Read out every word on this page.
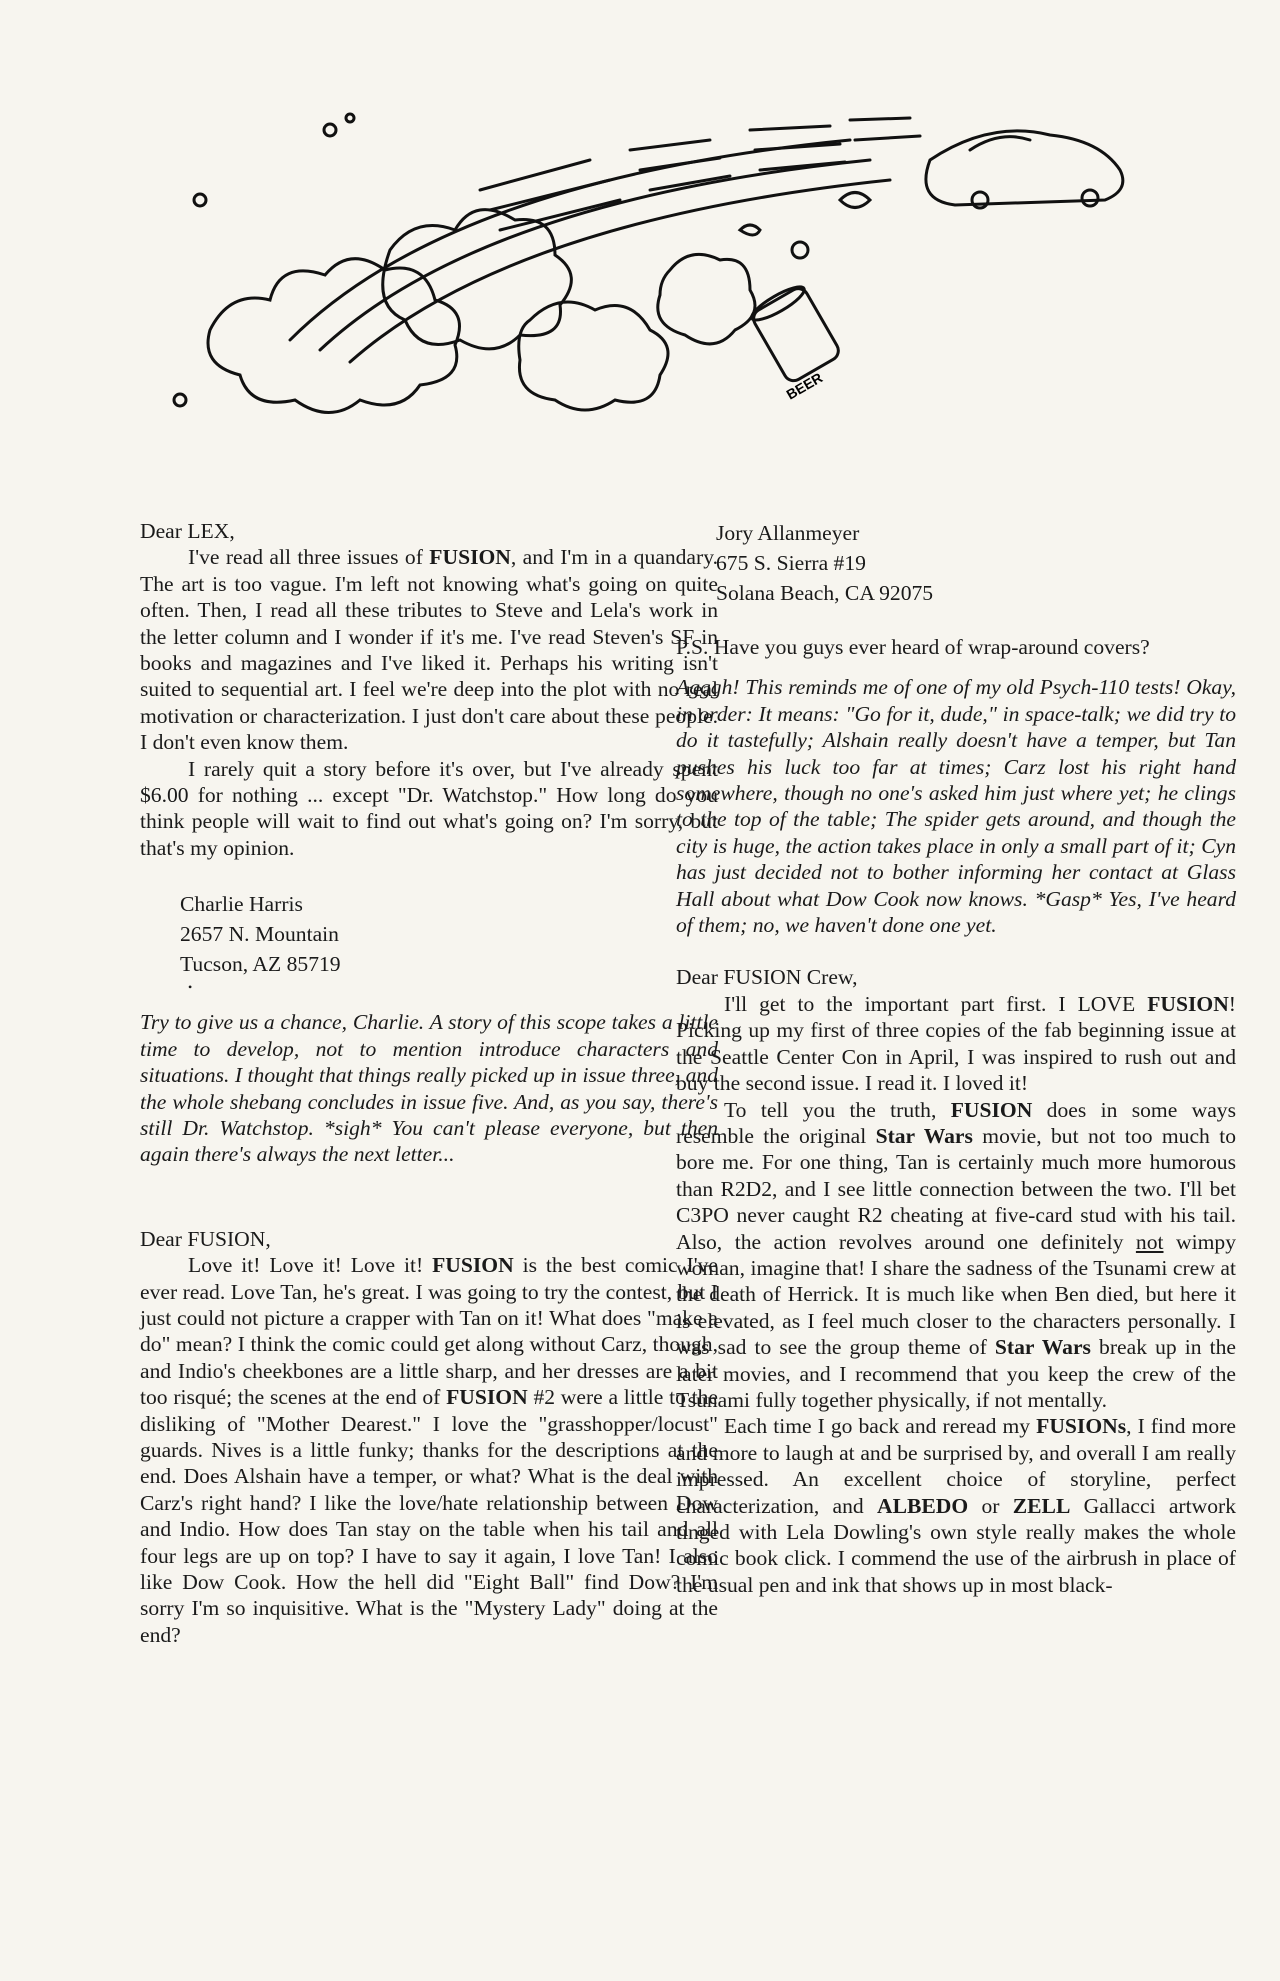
BEER
Hate Off

Dear LEX,

I've read all three issues of FUSION, and I'm in a quandary. The art is too vague. I'm left not knowing what's going on quite often. Then, I read all these tributes to Steve and Lela's work in the letter column and I wonder if it's me. I've read Steven's SF in books and magazines and I've liked it. Perhaps his writing isn't suited to sequential art. I feel we're deep into the plot with no real motivation or characterization. I just don't care about these people. I don't even know them.

I rarely quit a story before it's over, but I've already spent $6.00 for nothing ... except "Dr. Watchstop." How long do you think people will wait to find out what's going on? I'm sorry, but that's my opinion.

Charlie Harris
2657 N. Mountain
Tucson, AZ 85719
•

Try to give us a chance, Charlie. A story of this scope takes a little time to develop, not to mention introduce characters and situations. I thought that things really picked up in issue three, and the whole shebang concludes in issue five. And, as you say, there's still Dr. Watchstop. *sigh* You can't please everyone, but then again there's always the next letter...

Dear FUSION,

Love it! Love it! Love it! FUSION is the best comic I've ever read. Love Tan, he's great. I was going to try the contest, but I just could not picture a crapper with Tan on it! What does "make a do" mean? I think the comic could get along without Carz, though, and Indio's cheekbones are a little sharp, and her dresses are a bit too risqué; the scenes at the end of FUSION #2 were a little to the disliking of "Mother Dearest." I love the "grasshopper/locust" guards. Nives is a little funky; thanks for the descriptions at the end. Does Alshain have a temper, or what? What is the deal with Carz's right hand? I like the love/hate relationship between Dow and Indio. How does Tan stay on the table when his tail and all four legs are up on top? I have to say it again, I love Tan! I also like Dow Cook. How the hell did "Eight Ball" find Dow? I'm sorry I'm so inquisitive. What is the "Mystery Lady" doing at the end?

Jory Allanmeyer
675 S. Sierra #19
Solana Beach, CA 92075

P.S. Have you guys ever heard of wrap-around covers?

Agggh! This reminds me of one of my old Psych-110 tests! Okay, in order: It means: "Go for it, dude," in space-talk; we did try to do it tastefully; Alshain really doesn't have a temper, but Tan pushes his luck too far at times; Carz lost his right hand somewhere, though no one's asked him just where yet; he clings to the top of the table; The spider gets around, and though the city is huge, the action takes place in only a small part of it; Cyn has just decided not to bother informing her contact at Glass Hall about what Dow Cook now knows. *Gasp* Yes, I've heard of them; no, we haven't done one yet.

Dear FUSION Crew,

I'll get to the important part first. I LOVE FUSION! Picking up my first of three copies of the fab beginning issue at the Seattle Center Con in April, I was inspired to rush out and buy the second issue. I read it. I loved it!

To tell you the truth, FUSION does in some ways resemble the original Star Wars movie, but not too much to bore me. For one thing, Tan is certainly much more humorous than R2D2, and I see little connection between the two. I'll bet C3PO never caught R2 cheating at five-card stud with his tail. Also, the action revolves around one definitely not wimpy woman, imagine that! I share the sadness of the Tsunami crew at the death of Herrick. It is much like when Ben died, but here it is elevated, as I feel much closer to the characters personally. I was sad to see the group theme of Star Wars break up in the later movies, and I recommend that you keep the crew of the Tsunami fully together physically, if not mentally.

Each time I go back and reread my FUSIONs, I find more and more to laugh at and be surprised by, and overall I am really impressed. An excellent choice of storyline, perfect characterization, and ALBEDO or ZELL Gallacci artwork tinged with Lela Dowling's own style really makes the whole comic book click. I commend the use of the airbrush in place of the usual pen and ink that shows up in most black-
